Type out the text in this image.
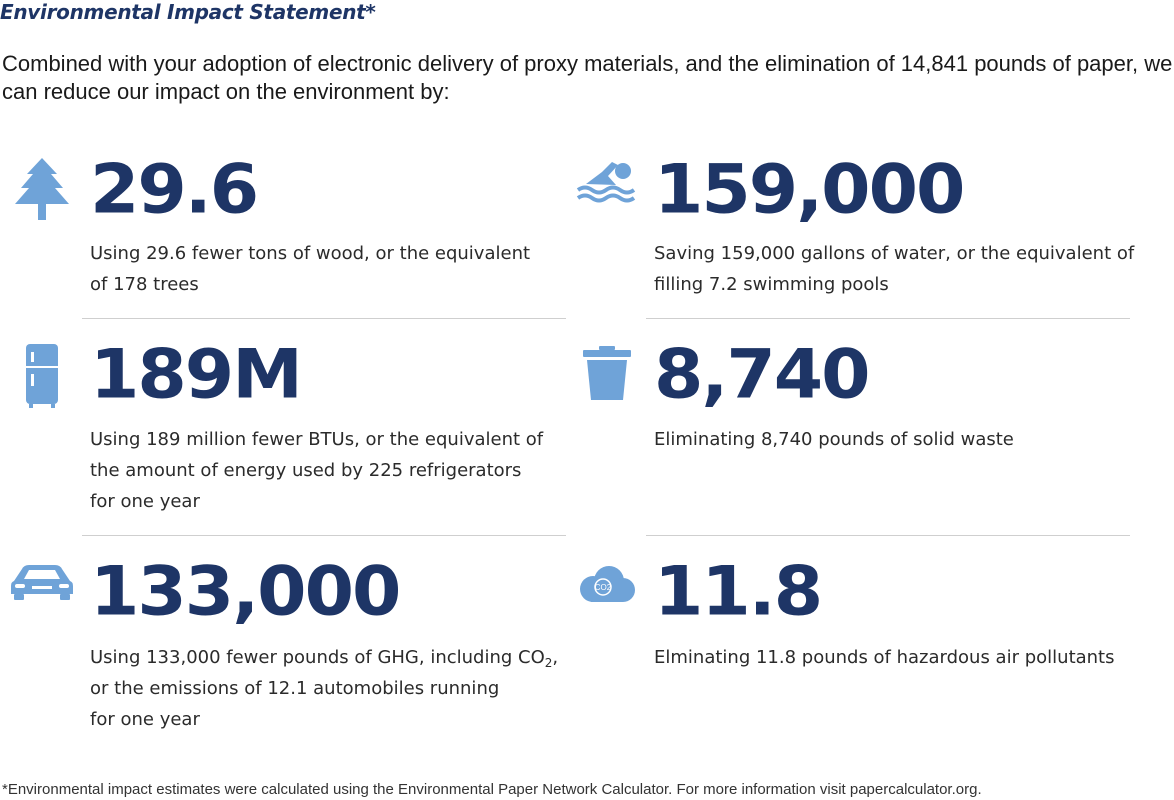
Environmental Impact Statement*
Combined with your adoption of electronic delivery of proxy materials, and the elimination of 14,841 pounds of paper, we can reduce our impact on the environment by:
29.6
Using 29.6 fewer tons of wood, or the equivalent
of 178 trees
159,000
Saving 159,000 gallons of water, or the equivalent of
filling 7.2 swimming pools
189M
Using 189 million fewer BTUs, or the equivalent of
the amount of energy used by 225 refrigerators
for one year
8,740
Eliminating 8,740 pounds of solid waste
133,000
Using 133,000 fewer pounds of GHG, including $CO_2$,
or the emissions of 12.1 automobiles running
for one year
CO2 11.8
Elminating 11.8 pounds of hazardous air pollutants
*Environmental impact estimates were calculated using the Environmental Paper Network Calculator. For more information visit papercalculator.org.
